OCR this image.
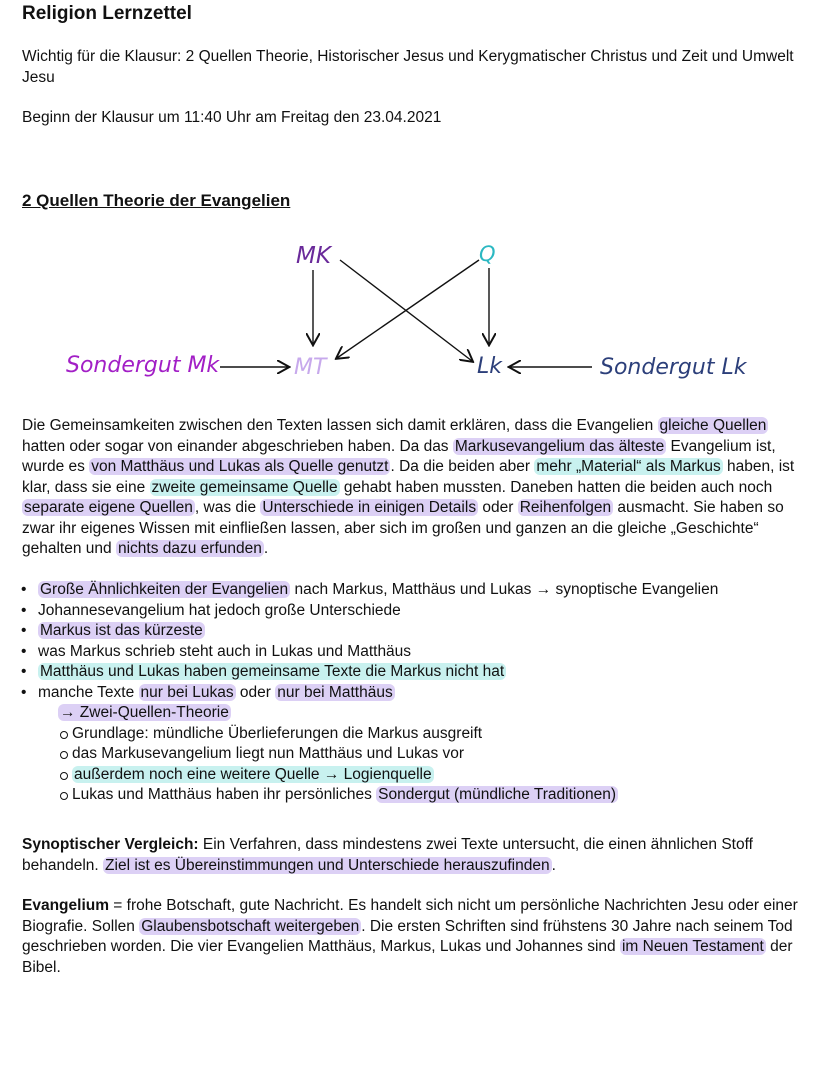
Religion Lernzettel

Wichtig für die Klausur: 2 Quellen Theorie, Historischer Jesus und Kerygmatischer Christus und Zeit und Umwelt Jesu

Beginn der Klausur um 11:40 Uhr am Freitag den 23.04.2021

2 Quellen Theorie der Evangelien
MK	Q
MT	Lk
Sondergut Mk	Sondergut Lk

Die Gemeinsamkeiten zwischen den Texten lassen sich damit erklären, dass die Evangelien gleiche Quellen hatten oder sogar von einander abgeschrieben haben. Da das Markusevangelium das älteste Evangelium ist, wurde es von Matthäus und Lukas als Quelle genutzt . Da die beiden aber mehr „Material“ als Markus haben, ist klar, dass sie eine zweite gemeinsame Quelle gehabt haben mussten. Daneben hatten die beiden auch noch separate eigene Quellen , was die Unterschiede in einigen Details oder Reihenfolgen ausmacht. Sie haben so zwar ihr eigenes Wissen mit einfließen lassen, aber sich im großen und ganzen an die gleiche „Geschichte“ gehalten und nichts dazu erfunden .

• Große Ähnlichkeiten der Evangelien nach Markus, Matthäus und Lukas → synoptische Evangelien
• Johannesevangelium hat jedoch große Unterschiede
• Markus ist das kürzeste
• was Markus schrieb steht auch in Lukas und Matthäus
• Matthäus und Lukas haben gemeinsame Texte die Markus nicht hat
• manche Texte nur bei Lukas oder nur bei Matthäus
→ Zwei-Quellen-Theorie
Grundlage: mündliche Überlieferungen die Markus ausgreift
das Markusevangelium liegt nun Matthäus und Lukas vor
außerdem noch eine weitere Quelle → Logienquelle
Lukas und Matthäus haben ihr persönliches Sondergut (mündliche Traditionen)

Synoptischer Vergleich: Ein Verfahren, dass mindestens zwei Texte untersucht, die einen ähnlichen Stoff behandeln. Ziel ist es Übereinstimmungen und Unterschiede herauszufinden .

Evangelium = frohe Botschaft, gute Nachricht. Es handelt sich nicht um persönliche Nachrichten Jesu oder einer Biografie. Sollen Glaubensbotschaft weitergeben . Die ersten Schriften sind frühstens 30 Jahre nach seinem Tod geschrieben worden. Die vier Evangelien Matthäus, Markus, Lukas und Johannes sind im Neuen Testament der Bibel.
